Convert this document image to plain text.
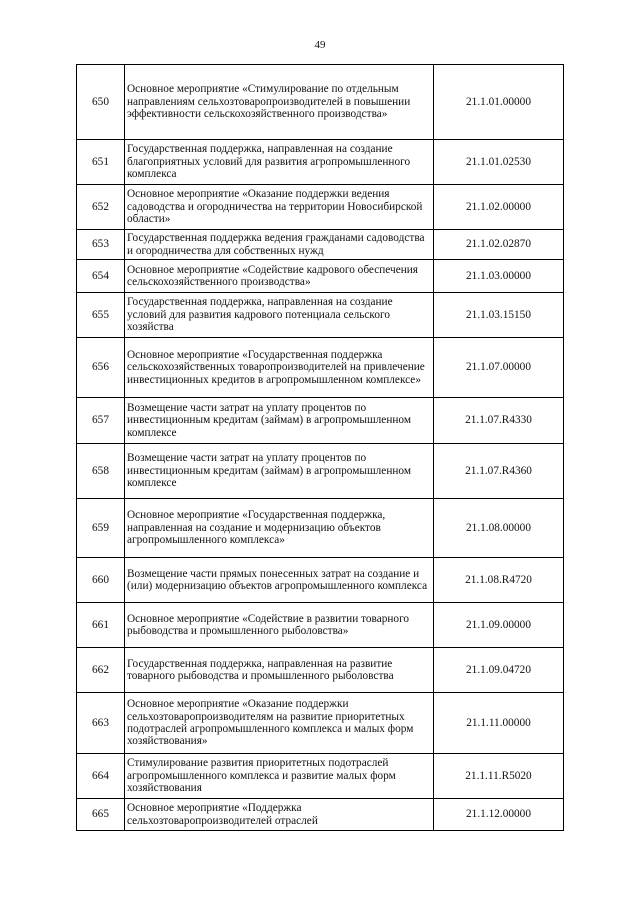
49
650	Основное мероприятие «Стимулирование по отдельным направлениям сельхозтоваропроизводителей в повышении эффективности сельскохозяйственного производства»	21.1.01.00000
651	Государственная поддержка, направленная на создание благоприятных условий для развития агропромышленного комплекса	21.1.01.02530
652	Основное мероприятие «Оказание поддержки ведения садоводства и огородничества на территории Новосибирской области»	21.1.02.00000
653	Государственная поддержка ведения гражданами садоводства и огородничества для собственных нужд	21.1.02.02870
654	Основное мероприятие «Содействие кадрового обеспечения сельскохозяйственного производства»	21.1.03.00000
655	Государственная поддержка, направленная на создание условий для развития кадрового потенциала сельского хозяйства	21.1.03.15150
656	Основное мероприятие «Государственная поддержка сельскохозяйственных товаропроизводителей на привлечение инвестиционных кредитов в агропромышленном комплексе»	21.1.07.00000
657	Возмещение части затрат на уплату процентов по инвестиционным кредитам (займам) в агропромышленном комплексе	21.1.07.R4330
658	Возмещение части затрат на уплату процентов по инвестиционным кредитам (займам) в агропромышленном комплексе	21.1.07.R4360
659	Основное мероприятие «Государственная поддержка, направленная на создание и модернизацию объектов агропромышленного комплекса»	21.1.08.00000
660	Возмещение части прямых понесенных затрат на создание и (или) модернизацию объектов агропромышленного комплекса	21.1.08.R4720
661	Основное мероприятие «Содействие в развитии товарного рыбоводства и промышленного рыболовства»	21.1.09.00000
662	Государственная поддержка, направленная на развитие товарного рыбоводства и промышленного рыболовства	21.1.09.04720
663	Основное мероприятие «Оказание поддержки сельхозтоваропроизводителям на развитие приоритетных подотраслей агропромышленного комплекса и малых форм хозяйствования»	21.1.11.00000
664	Стимулирование развития приоритетных подотраслей агропромышленного комплекса и развитие малых форм хозяйствования	21.1.11.R5020
665	Основное мероприятие «Поддержка сельхозтоваропроизводителей отраслей	21.1.12.00000
